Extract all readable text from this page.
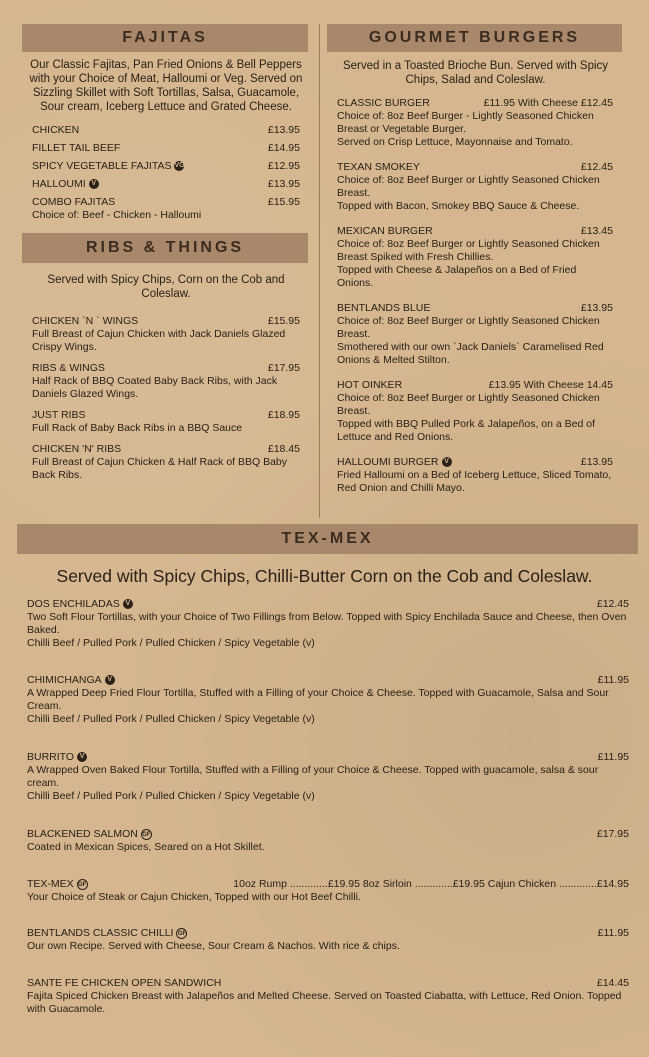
FAJITAS
Our Classic Fajitas, Pan Fried Onions & Bell Peppers with your Choice of Meat, Halloumi or Veg. Served on Sizzling Skillet with Soft Tortillas, Salsa, Guacamole, Sour cream, Iceberg Lettuce and Grated Cheese.
CHICKEN	£13.95
FILLET TAIL BEEF	£14.95
SPICY VEGETABLE FAJITAS VG	£12.95
HALLOUMI V	£13.95
COMBO FAJITAS	£15.95
Choice of: Beef - Chicken - Halloumi
RIBS & THINGS
Served with Spicy Chips, Corn on the Cob and Coleslaw.
CHICKEN `N ` WINGS	£15.95
Full Breast of Cajun Chicken with Jack Daniels Glazed Crispy Wings.
RIBS & WINGS	£17.95
Half Rack of BBQ Coated Baby Back Ribs, with Jack Daniels Glazed Wings.
JUST RIBS	£18.95
Full Rack of Baby Back Ribs in a BBQ Sauce
CHICKEN 'N' RIBS	£18.45
Full Breast of Cajun Chicken & Half Rack of BBQ Baby Back Ribs.
GOURMET BURGERS
Served in a Toasted Brioche Bun. Served with Spicy Chips, Salad and Coleslaw.
CLASSIC BURGER	£11.95 With Cheese £12.45
Choice of: 8oz Beef Burger - Lightly Seasoned Chicken Breast or Vegetable Burger.
Served on Crisp Lettuce, Mayonnaise and Tomato.
TEXAN SMOKEY	£12.45
Choice of: 8oz Beef Burger or Lightly Seasoned Chicken Breast.
Topped with Bacon, Smokey BBQ Sauce & Cheese.
MEXICAN BURGER	£13.45
Choice of: 8oz Beef Burger or Lightly Seasoned Chicken Breast Spiked with Fresh Chillies.
Topped with Cheese & Jalapeños on a Bed of Fried Onions.
BENTLANDS BLUE	£13.95
Choice of: 8oz Beef Burger or Lightly Seasoned Chicken Breast.
Smothered with our own `Jack Daniels` Caramelised Red Onions & Melted Stilton.
HOT OINKER	£13.95 With Cheese 14.45
Choice of: 8oz Beef Burger or Lightly Seasoned Chicken Breast.
Topped with BBQ Pulled Pork & Jalapeños, on a Bed of Lettuce and Red Onions.
HALLOUMI BURGER V	£13.95
Fried Halloumi on a Bed of Iceberg Lettuce, Sliced Tomato, Red Onion and Chilli Mayo.
TEX-MEX
Served with Spicy Chips, Chilli-Butter Corn on the Cob and Coleslaw.
DOS ENCHILADAS V	£12.45
Two Soft Flour Tortillas, with your Choice of Two Fillings from Below. Topped with Spicy Enchilada Sauce and Cheese, then Oven Baked.
Chilli Beef / Pulled Pork / Pulled Chicken / Spicy Vegetable (v)
CHIMICHANGA V	£11.95
A Wrapped Deep Fried Flour Tortilla, Stuffed with a Filling of your Choice & Cheese. Topped with Guacamole, Salsa and Sour Cream.
Chilli Beef / Pulled Pork / Pulled Chicken / Spicy Vegetable (v)
BURRITO V	£11.95
A Wrapped Oven Baked Flour Tortilla, Stuffed with a Filling of your Choice & Cheese. Topped with guacamole, salsa & sour cream.
Chilli Beef / Pulled Pork / Pulled Chicken / Spicy Vegetable (v)
BLACKENED SALMON GF	£17.95
Coated in Mexican Spices, Seared on a Hot Skillet.
TEX-MEX GF	10oz Rump .............£19.95 8oz Sirloin .............£19.95 Cajun Chicken .............£14.95
Your Choice of Steak or Cajun Chicken, Topped with our Hot Beef Chilli.
BENTLANDS CLASSIC CHILLI GF	£11.95
Our own Recipe. Served with Cheese, Sour Cream & Nachos. With rice & chips.
SANTE FE CHICKEN OPEN SANDWICH	£14.45
Fajita Spiced Chicken Breast with Jalapeños and Melted Cheese. Served on Toasted Ciabatta, with Lettuce, Red Onion. Topped with Guacamole.
